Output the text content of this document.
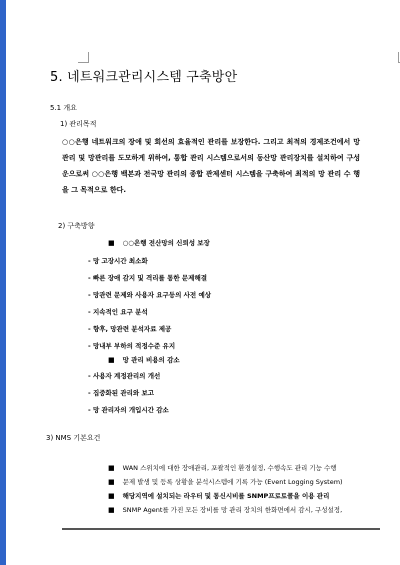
5. 네트워크관리시스템 구축방안
5.1 개요
1) 관리목적
○○은행 네트워크의 장애 및 회선의 효율적인 관리를 보장한다. 그리고 최적의 경제조건에서 망 관리 및 망관리를 도모하게 위하여, 통합 관리 시스템으로서의 동산망 관리장치를 설치하여 구성 운으로써 ○○은행 백본과 전국망 관리의 종합 관제센터 시스템을 구축하여 최적의 망 관리 수 행을 그 목적으로 한다.
2) 구축방향
■ ○○은행 전산망의 신뢰성 보장
- 망 고장시간 최소화
- 빠른 장애 감지 및 격리를 통한 문제해결
- 망관련 문제와 사용자 요구등의 사전 예상
- 지속적인 요구 분석
- 향후, 망관련 분석자료 제공
- 망내부 부하의 적정수준 유지
■ 망 관리 비용의 감소
- 사용자 계정관리의 개선
- 집중화된 관리와 보고
- 망 관리자의 개입시간 감소
3) NMS 기본요건
■ WAN 스위치에 대한 장애관리, 포괄적인 환경설정, 수행속도 관리 기능 수행
■ 문제 발생 및 등록 상황을 분석시스템에 기록 가능 (Event Logging System)
■ 해당지역에 설치되는 라우터 및 통신시비를 SNMP프로토콜을 이용 관리
■ SNMP Agent를 가진 모든 장비를 망 관리 장치의 한화면에서 감시, 구성설정,
